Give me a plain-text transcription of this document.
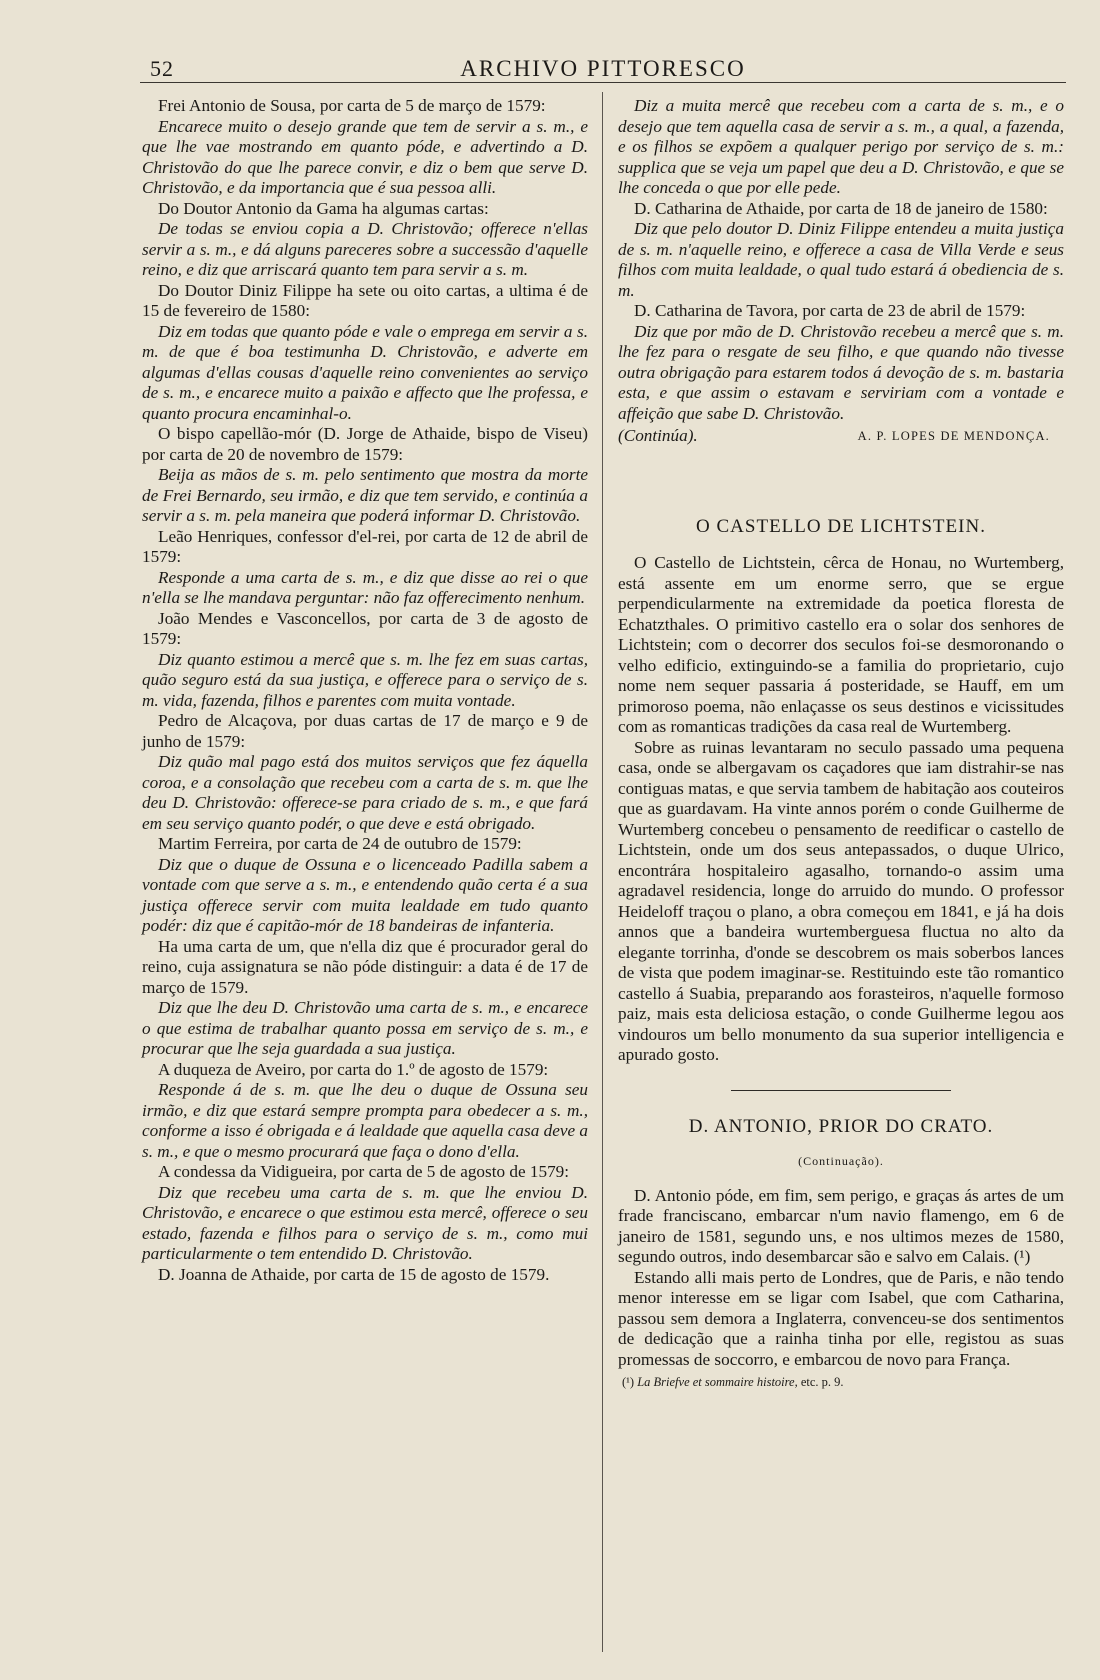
52	ARCHIVO PITTORESCO

Frei Antonio de Sousa, por carta de 5 de março de 1579:

Encarece muito o desejo grande que tem de servir a s. m., e que lhe vae mostrando em quanto póde, e advertindo a D. Christovão do que lhe parece convir, e diz o bem que serve D. Christovão, e da importancia que é sua pessoa alli.

Do Doutor Antonio da Gama ha algumas cartas:

De todas se enviou copia a D. Christovão; offerece n'ellas servir a s. m., e dá alguns pareceres sobre a successão d'aquelle reino, e diz que arriscará quanto tem para servir a s. m.

Do Doutor Diniz Filippe ha sete ou oito cartas, a ultima é de 15 de fevereiro de 1580:

Diz em todas que quanto póde e vale o emprega em servir a s. m. de que é boa testimunha D. Christovão, e adverte em algumas d'ellas cousas d'aquelle reino convenientes ao serviço de s. m., e encarece muito a paixão e affecto que lhe professa, e quanto procura encaminhal-o.

O bispo capellão-mór (D. Jorge de Athaide, bispo de Viseu) por carta de 20 de novembro de 1579:

Beija as mãos de s. m. pelo sentimento que mostra da morte de Frei Bernardo, seu irmão, e diz que tem servido, e continúa a servir a s. m. pela maneira que poderá informar D. Christovão.

Leão Henriques, confessor d'el-rei, por carta de 12 de abril de 1579:

Responde a uma carta de s. m., e diz que disse ao rei o que n'ella se lhe mandava perguntar: não faz offerecimento nenhum.

João Mendes e Vasconcellos, por carta de 3 de agosto de 1579:

Diz quanto estimou a mercê que s. m. lhe fez em suas cartas, quão seguro está da sua justiça, e offerece para o serviço de s. m. vida, fazenda, filhos e parentes com muita vontade.

Pedro de Alcaçova, por duas cartas de 17 de março e 9 de junho de 1579:

Diz quão mal pago está dos muitos serviços que fez áquella coroa, e a consolação que recebeu com a carta de s. m. que lhe deu D. Christovão: offerece-se para criado de s. m., e que fará em seu serviço quanto podér, o que deve e está obrigado.

Martim Ferreira, por carta de 24 de outubro de 1579:

Diz que o duque de Ossuna e o licenceado Padilla sabem a vontade com que serve a s. m., e entendendo quão certa é a sua justiça offerece servir com muita lealdade em tudo quanto podér: diz que é capitão-mór de 18 bandeiras de infanteria.

Ha uma carta de um, que n'ella diz que é procurador geral do reino, cuja assignatura se não póde distinguir: a data é de 17 de março de 1579.

Diz que lhe deu D. Christovão uma carta de s. m., e encarece o que estima de trabalhar quanto possa em serviço de s. m., e procurar que lhe seja guardada a sua justiça.

A duqueza de Aveiro, por carta do 1.º de agosto de 1579:

Responde á de s. m. que lhe deu o duque de Ossuna seu irmão, e diz que estará sempre prompta para obedecer a s. m., conforme a isso é obrigada e á lealdade que aquella casa deve a s. m., e que o mesmo procurará que faça o dono d'ella.

A condessa da Vidigueira, por carta de 5 de agosto de 1579:

Diz que recebeu uma carta de s. m. que lhe enviou D. Christovão, e encarece o que estimou esta mercê, offerece o seu estado, fazenda e filhos para o serviço de s. m., como mui particularmente o tem entendido D. Christovão.

D. Joanna de Athaide, por carta de 15 de agosto de 1579.

Diz a muita mercê que recebeu com a carta de s. m., e o desejo que tem aquella casa de servir a s. m., a qual, a fazenda, e os filhos se expõem a qualquer perigo por serviço de s. m.: supplica que se veja um papel que deu a D. Christovão, e que se lhe conceda o que por elle pede.

D. Catharina de Athaide, por carta de 18 de janeiro de 1580:

Diz que pelo doutor D. Diniz Filippe entendeu a muita justiça de s. m. n'aquelle reino, e offerece a casa de Villa Verde e seus filhos com muita lealdade, o qual tudo estará á obediencia de s. m.

D. Catharina de Tavora, por carta de 23 de abril de 1579:

Diz que por mão de D. Christovão recebeu a mercê que s. m. lhe fez para o resgate de seu filho, e que quando não tivesse outra obrigação para estarem todos á devoção de s. m. bastaria esta, e que assim o estavam e serviriam com a vontade e affeição que sabe D. Christovão.

(Continúa).	A. P. LOPES DE MENDONÇA.
O CASTELLO DE LICHTSTEIN.

O Castello de Lichtstein, cêrca de Honau, no Wurtemberg, está assente em um enorme serro, que se ergue perpendicularmente na extremidade da poetica floresta de Echatzthales. O primitivo castello era o solar dos senhores de Lichtstein; com o decorrer dos seculos foi-se desmoronando o velho edificio, extinguindo-se a familia do proprietario, cujo nome nem sequer passaria á posteridade, se Hauff, em um primoroso poema, não enlaçasse os seus destinos e vicissitudes com as romanticas tradições da casa real de Wurtemberg.

Sobre as ruinas levantaram no seculo passado uma pequena casa, onde se albergavam os caçadores que iam distrahir-se nas contiguas matas, e que servia tambem de habitação aos couteiros que as guardavam. Ha vinte annos porém o conde Guilherme de Wurtemberg concebeu o pensamento de reedificar o castello de Lichtstein, onde um dos seus antepassados, o duque Ulrico, encontrára hospitaleiro agasalho, tornando-o assim uma agradavel residencia, longe do arruido do mundo. O professor Heideloff traçou o plano, a obra começou em 1841, e já ha dois annos que a bandeira wurtemberguesa fluctua no alto da elegante torrinha, d'onde se descobrem os mais soberbos lances de vista que podem imaginar-se. Restituindo este tão romantico castello á Suabia, preparando aos forasteiros, n'aquelle formoso paiz, mais esta deliciosa estação, o conde Guilherme legou aos vindouros um bello monumento da sua superior intelligencia e apurado gosto.

D. ANTONIO, PRIOR DO CRATO.

(Continuação).

D. Antonio póde, em fim, sem perigo, e graças ás artes de um frade franciscano, embarcar n'um navio flamengo, em 6 de janeiro de 1581, segundo uns, e nos ultimos mezes de 1580, segundo outros, indo desembarcar são e salvo em Calais. (¹)

Estando alli mais perto de Londres, que de Paris, e não tendo menor interesse em se ligar com Isabel, que com Catharina, passou sem demora a Inglaterra, convenceu-se dos sentimentos de dedicação que a rainha tinha por elle, registou as suas promessas de soccorro, e embarcou de novo para França.

(¹) La Briefve et sommaire histoire, etc. p. 9.
